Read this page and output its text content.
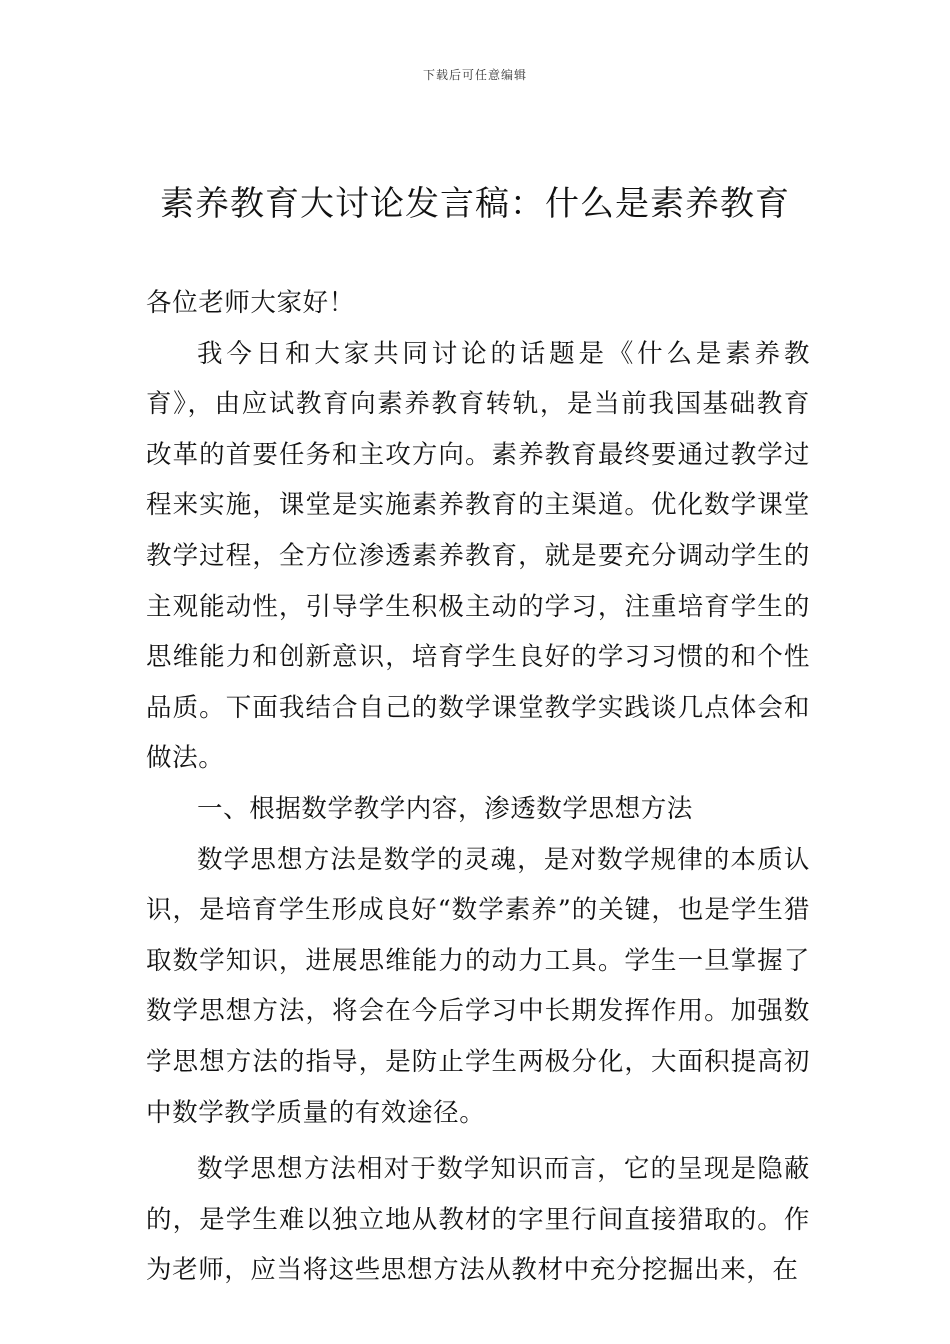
下载后可任意编辑
素养教育大讨论发言稿：什么是素养教育

各位老师大家好！

我今日和大家共同讨论的话题是《什么是素养教育》，由应试教育向素养教育转轨，是当前我国基础教育改革的首要任务和主攻方向。素养教育最终要通过教学过程来实施，课堂是实施素养教育的主渠道。优化数学课堂教学过程，全方位渗透素养教育，就是要充分调动学生的主观能动性，引导学生积极主动的学习，注重培育学生的思维能力和创新意识，培育学生良好的学习习惯的和个性品质。下面我结合自己的数学课堂教学实践谈几点体会和做法。

一、根据数学教学内容，渗透数学思想方法

数学思想方法是数学的灵魂，是对数学规律的本质认识，是培育学生形成良好“数学素养”的关键，也是学生猎取数学知识，进展思维能力的动力工具。学生一旦掌握了数学思想方法，将会在今后学习中长期发挥作用。加强数学思想方法的指导，是防止学生两极分化，大面积提高初中数学教学质量的有效途径。

数学思想方法相对于数学知识而言，它的呈现是隐蔽的，是学生难以独立地从教材的字里行间直接猎取的。作为老师，应当将这些思想方法从教材中充分挖掘出来，在
